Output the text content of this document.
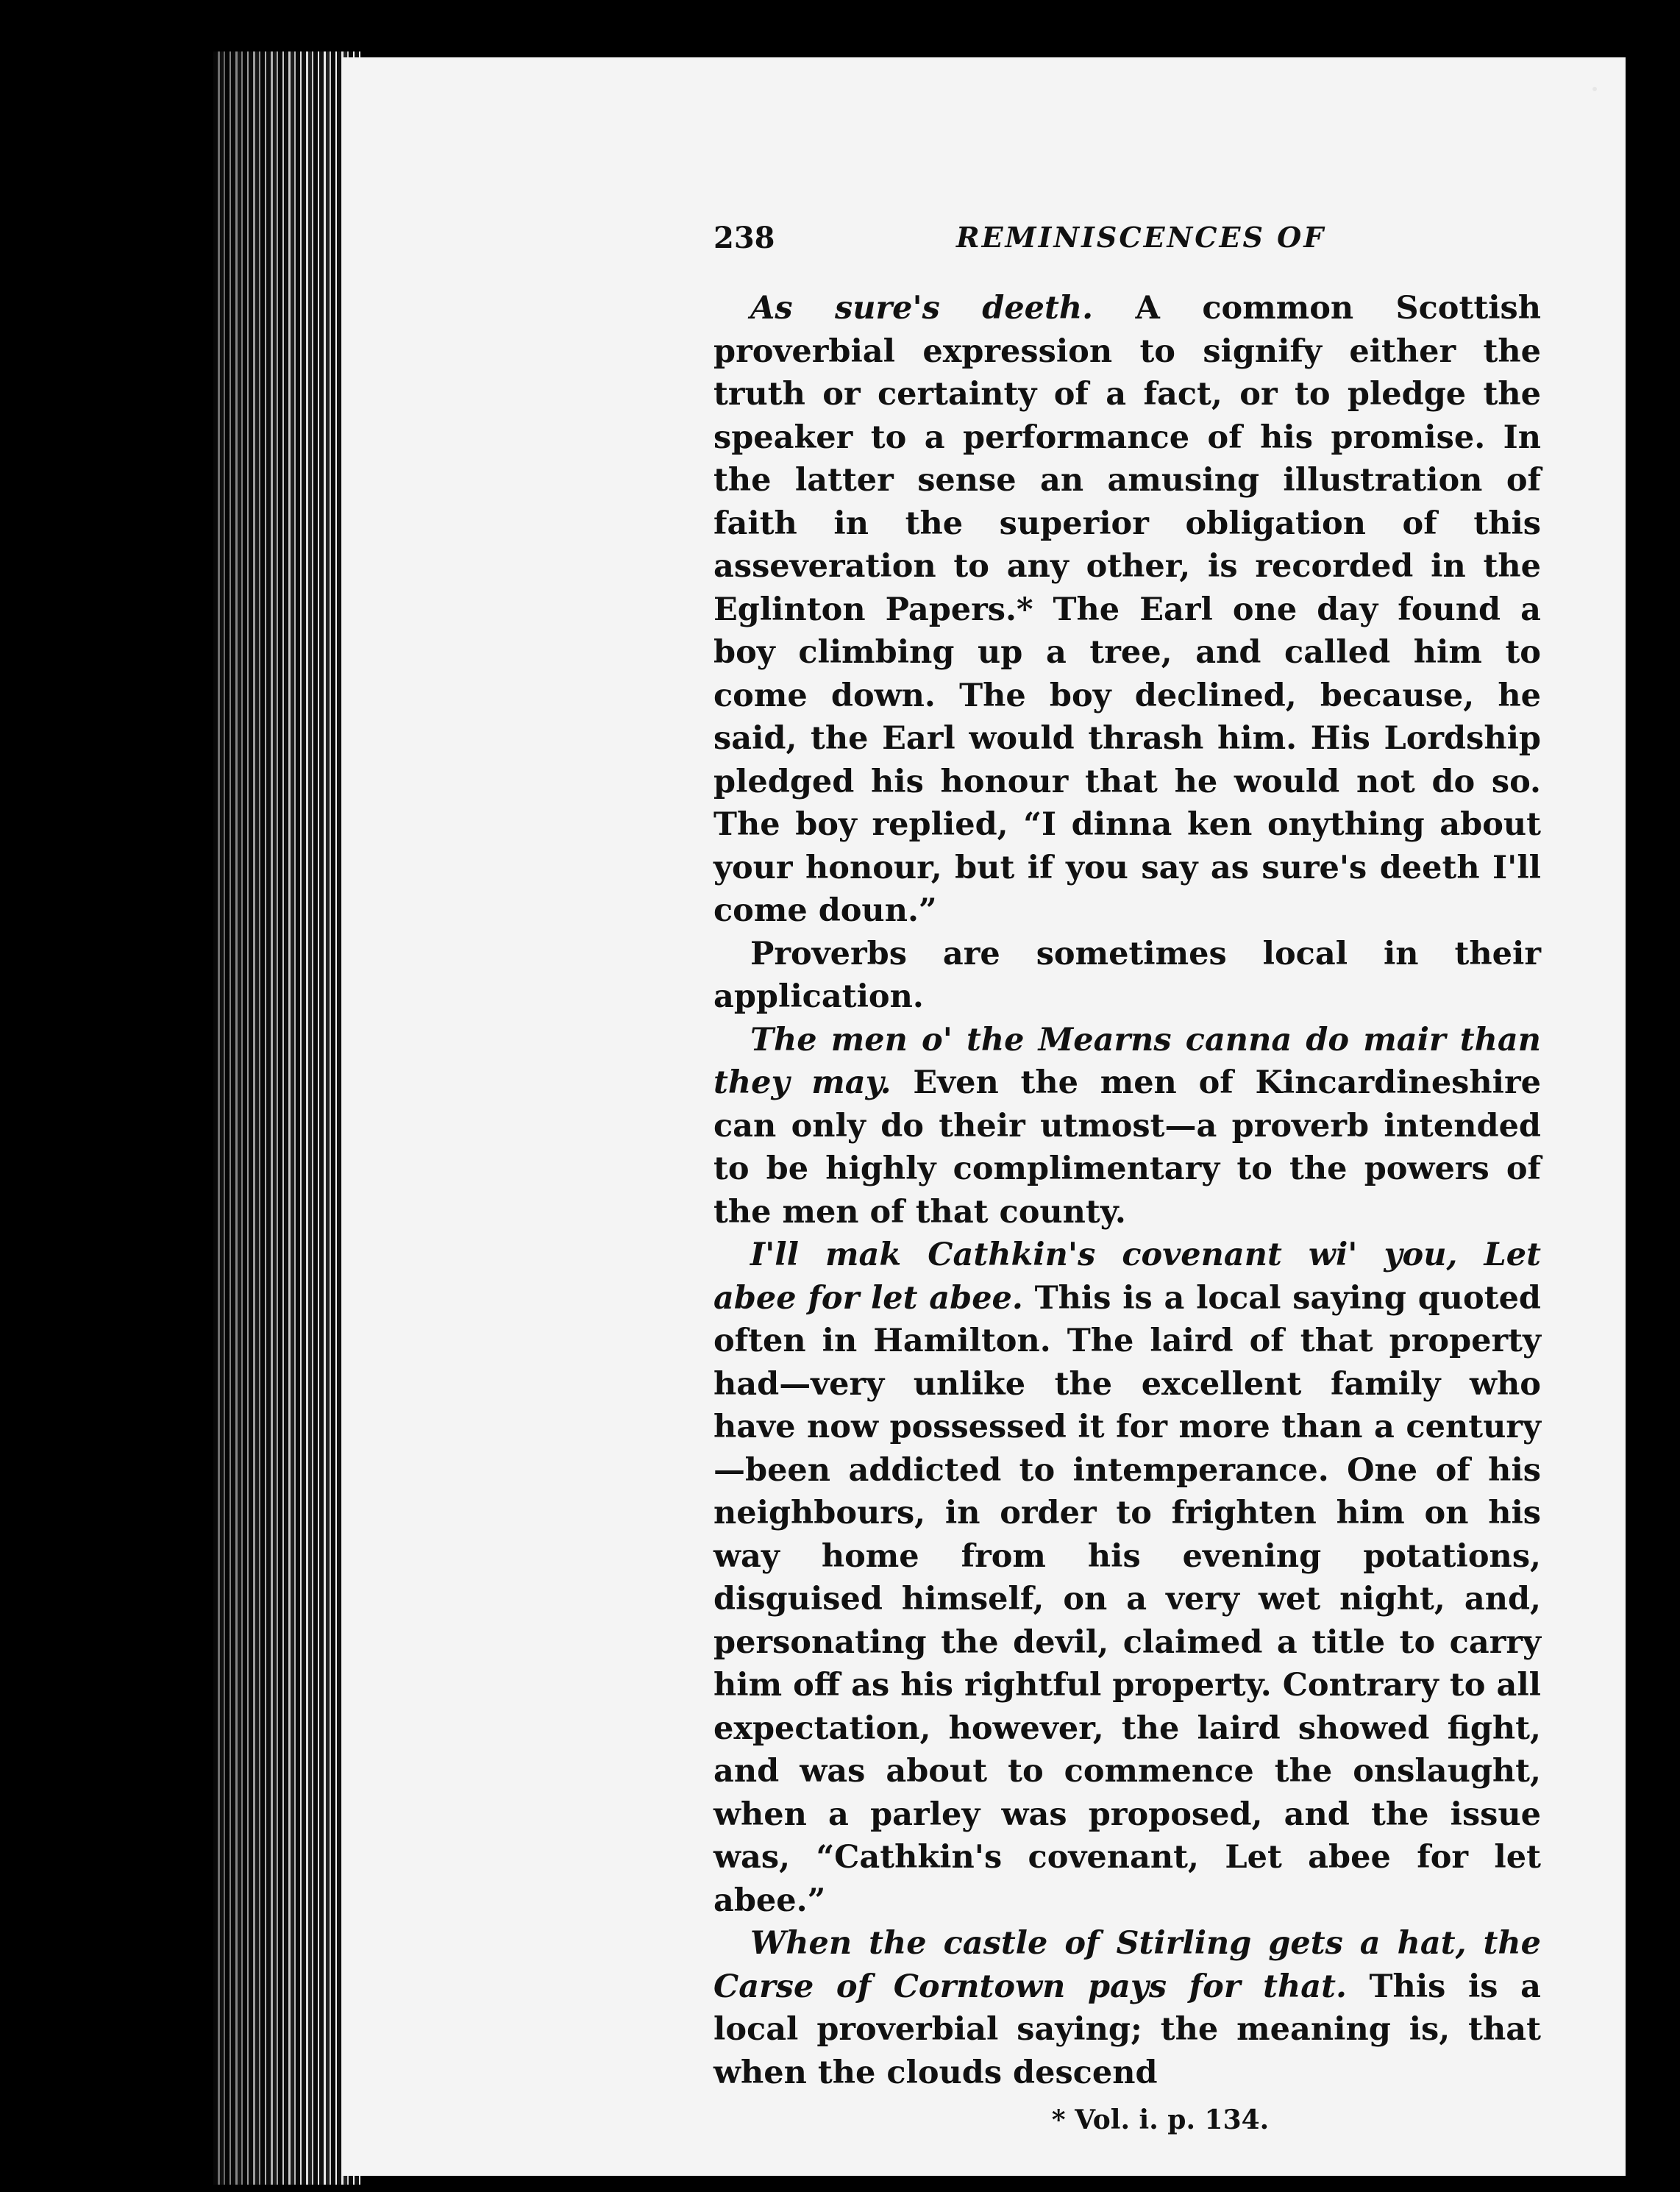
238	REMINISCENCES OF

As sure's deeth. A common Scottish proverbial expression to signify either the truth or certainty of a fact, or to pledge the speaker to a performance of his promise. In the latter sense an amusing illustration of faith in the superior obligation of this asseveration to any other, is recorded in the Eglinton Papers.* The Earl one day found a boy climbing up a tree, and called him to come down. The boy declined, because, he said, the Earl would thrash him. His Lordship pledged his honour that he would not do so. The boy replied, “I dinna ken onything about your honour, but if you say as sure's deeth I'll come doun.”

Proverbs are sometimes local in their application.

The men o' the Mearns canna do mair than they may. Even the men of Kincardineshire can only do their utmost—a proverb intended to be highly complimentary to the powers of the men of that county.

I'll mak Cathkin's covenant wi' you, Let abee for let abee. This is a local saying quoted often in Hamilton. The laird of that property had—very unlike the excellent family who have now possessed it for more than a century—been addicted to intemperance. One of his neighbours, in order to frighten him on his way home from his evening potations, disguised himself, on a very wet night, and, personating the devil, claimed a title to carry him off as his rightful property. Contrary to all expectation, however, the laird showed fight, and was about to commence the onslaught, when a parley was proposed, and the issue was, “Cathkin's covenant, Let abee for let abee.”

When the castle of Stirling gets a hat, the Carse of Corntown pays for that. This is a local proverbial saying; the meaning is, that when the clouds descend

* Vol. i. p. 134.
